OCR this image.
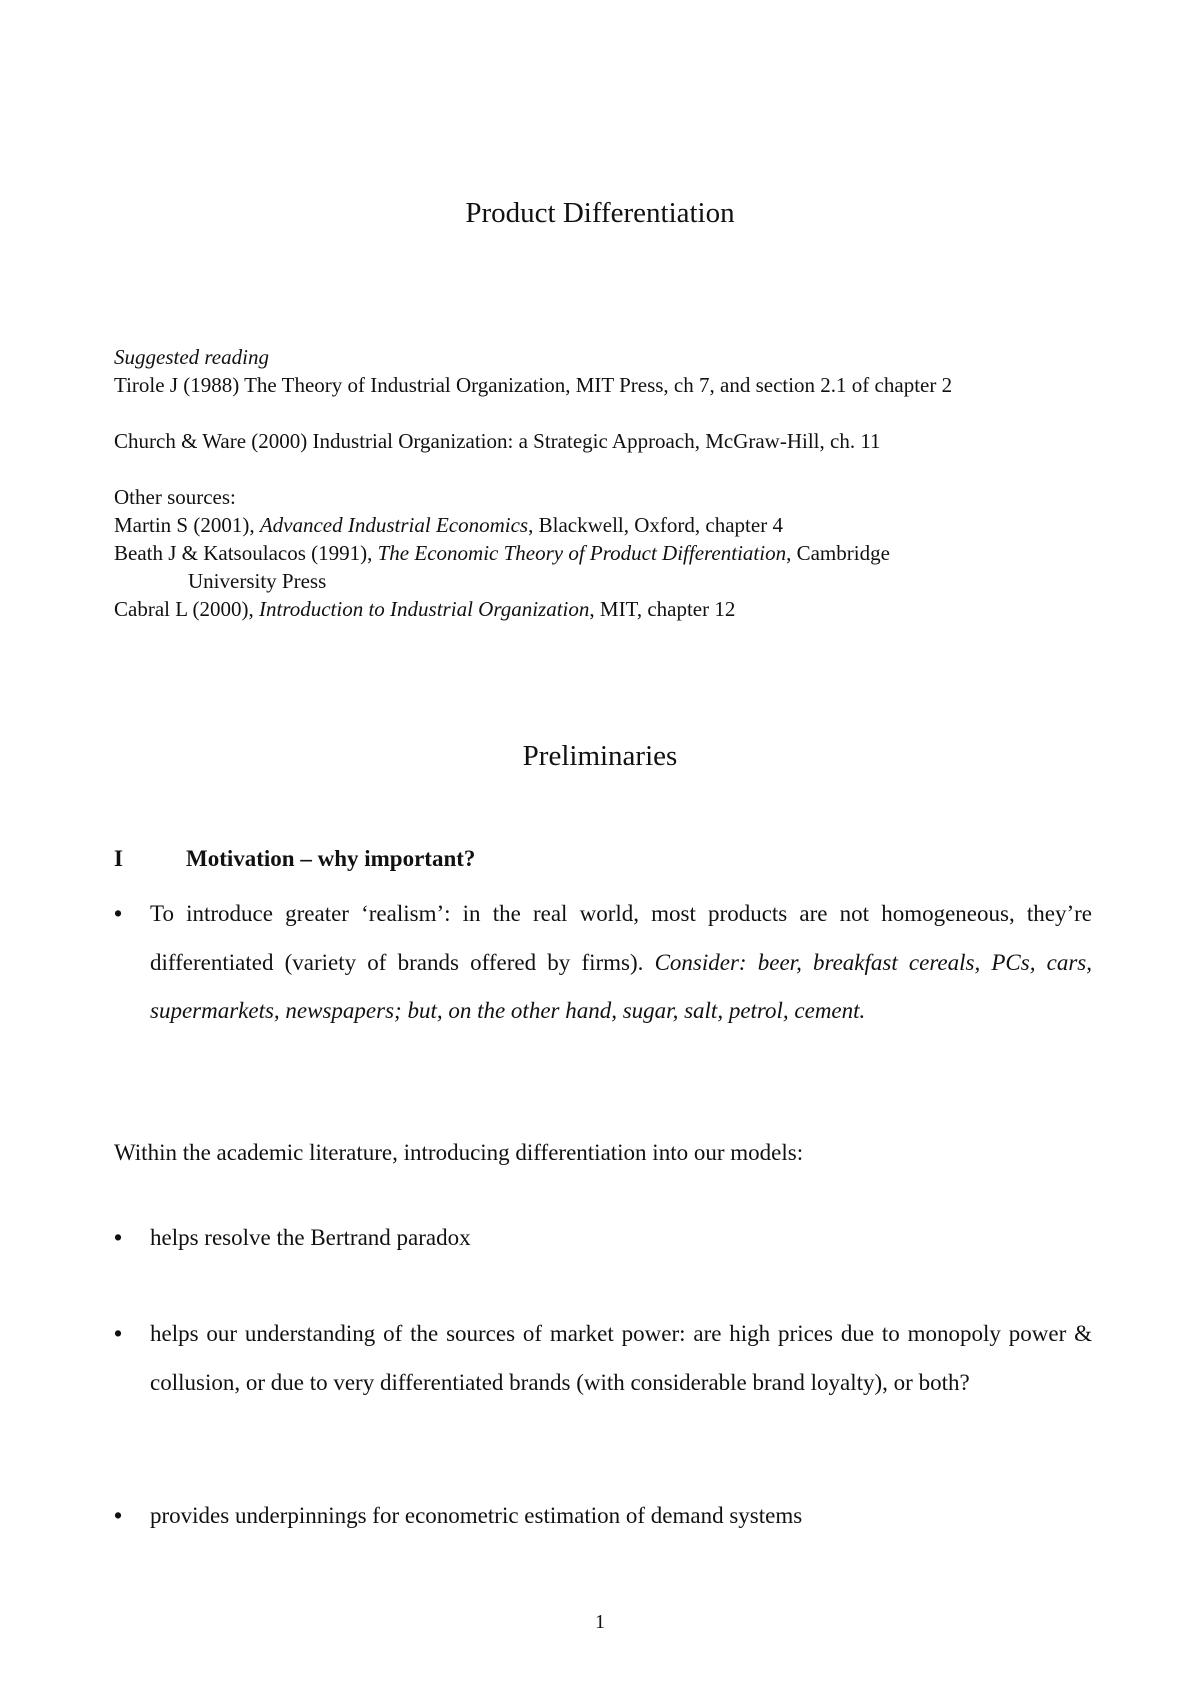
Product Differentiation
Suggested reading
Tirole J (1988) The Theory of Industrial Organization, MIT Press, ch 7, and section 2.1 of chapter 2
Church & Ware (2000) Industrial Organization: a Strategic Approach, McGraw-Hill, ch. 11
Other sources:
Martin S (2001), Advanced Industrial Economics, Blackwell, Oxford, chapter 4
Beath J & Katsoulacos (1991), The Economic Theory of Product Differentiation, Cambridge
University Press
Cabral L (2000), Introduction to Industrial Organization, MIT, chapter 12
Preliminaries
I	Motivation – why important?
•	To introduce greater ‘realism’: in the real world, most products are not homogeneous, they’re differentiated (variety of brands offered by firms). Consider: beer, breakfast cereals, PCs, cars, supermarkets, newspapers; but, on the other hand, sugar, salt, petrol, cement.
Within the academic literature, introducing differentiation into our models:
•	helps resolve the Bertrand paradox
•	helps our understanding of the sources of market power: are high prices due to monopoly power & collusion, or due to very differentiated brands (with considerable brand loyalty), or both?
•	provides underpinnings for econometric estimation of demand systems
1
